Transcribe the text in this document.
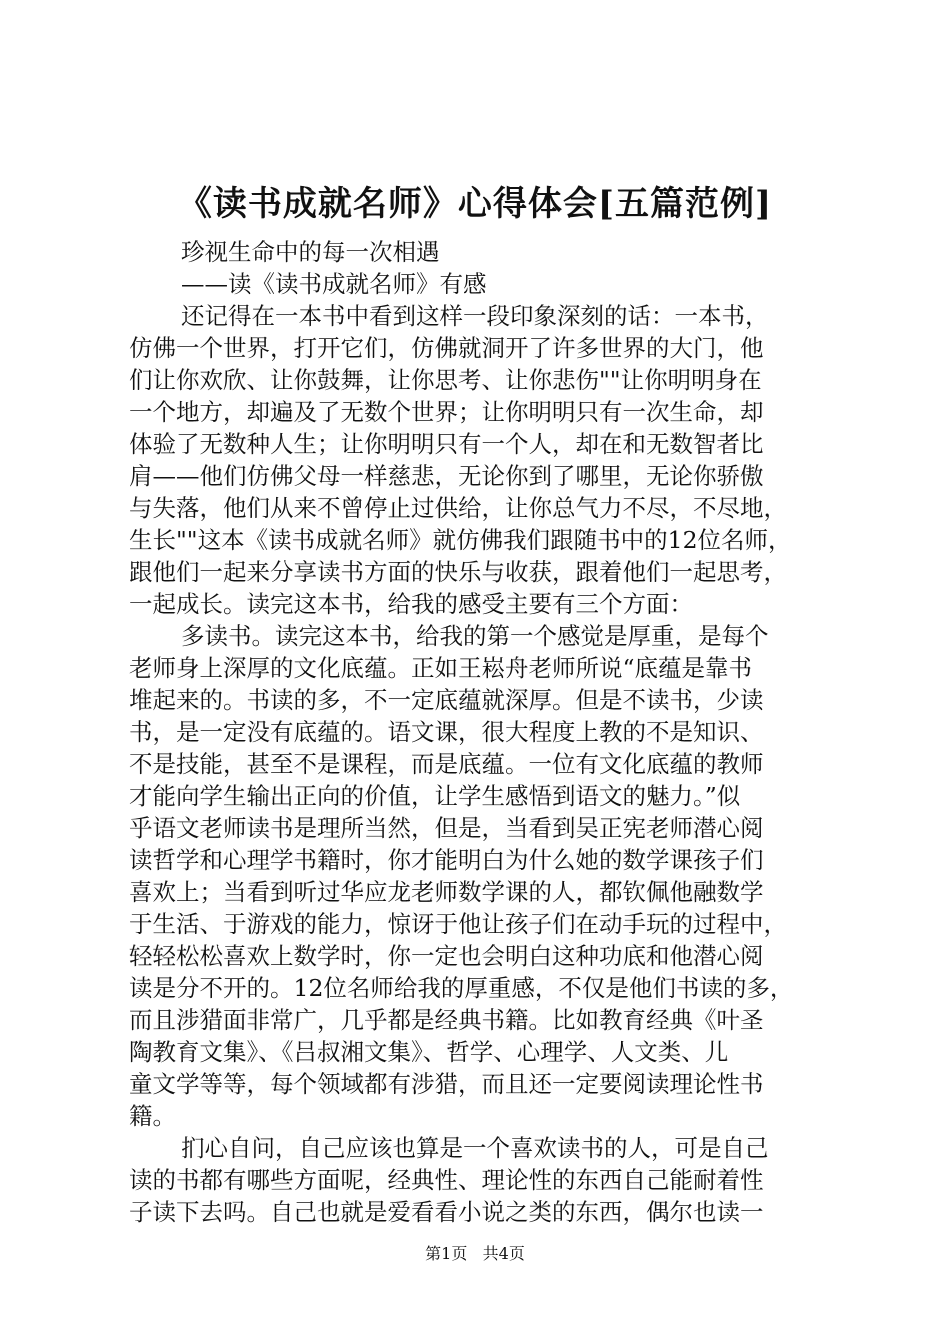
《读书成就名师》心得体会[五篇范例]
珍视生命中的每一次相遇
——读《读书成就名师》有感
还记得在一本书中看到这样一段印象深刻的话：一本书，
仿佛一个世界，打开它们，仿佛就洞开了许多世界的大门，他
们让你欢欣、让你鼓舞，让你思考、让你悲伤""让你明明身在
一个地方，却遍及了无数个世界；让你明明只有一次生命，却
体验了无数种人生；让你明明只有一个人，却在和无数智者比
肩——他们仿佛父母一样慈悲，无论你到了哪里，无论你骄傲
与失落，他们从来不曾停止过供给，让你总气力不尽，不尽地，
生长""这本《读书成就名师》就仿佛我们跟随书中的12位名师，
跟他们一起来分享读书方面的快乐与收获，跟着他们一起思考，
一起成长。读完这本书，给我的感受主要有三个方面：
多读书。读完这本书，给我的第一个感觉是厚重，是每个
老师身上深厚的文化底蕴。正如王崧舟老师所说“底蕴是靠书
堆起来的。书读的多，不一定底蕴就深厚。但是不读书，少读
书，是一定没有底蕴的。语文课，很大程度上教的不是知识、
不是技能，甚至不是课程，而是底蕴。一位有文化底蕴的教师
才能向学生输出正向的价值，让学生感悟到语文的魅力。”似
乎语文老师读书是理所当然，但是，当看到吴正宪老师潜心阅
读哲学和心理学书籍时，你才能明白为什么她的数学课孩子们
喜欢上；当看到听过华应龙老师数学课的人，都钦佩他融数学
于生活、于游戏的能力，惊讶于他让孩子们在动手玩的过程中，
轻轻松松喜欢上数学时，你一定也会明白这种功底和他潜心阅
读是分不开的。12位名师给我的厚重感，不仅是他们书读的多，
而且涉猎面非常广，几乎都是经典书籍。比如教育经典《叶圣
陶教育文集》、《吕叔湘文集》、哲学、心理学、人文类、儿
童文学等等，每个领域都有涉猎，而且还一定要阅读理论性书
籍。
扪心自问，自己应该也算是一个喜欢读书的人，可是自己
读的书都有哪些方面呢，经典性、理论性的东西自己能耐着性
子读下去吗。自己也就是爱看看小说之类的东西，偶尔也读一
第1页 共4页
